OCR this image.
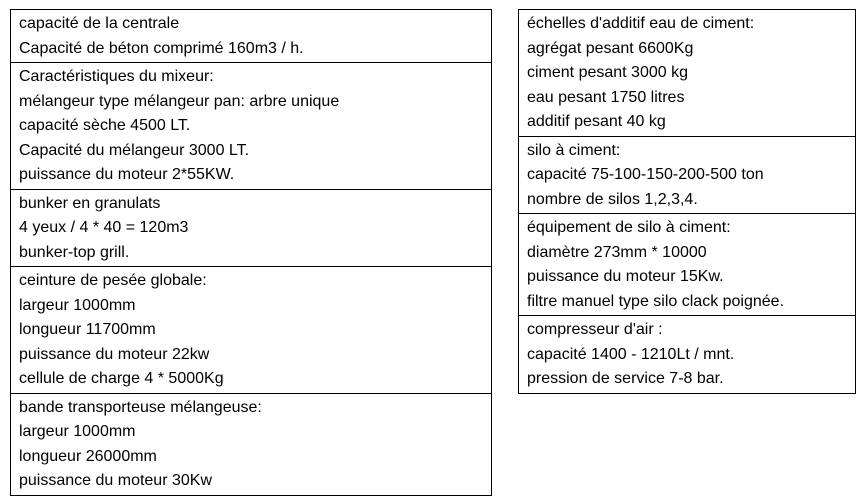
capacité de la centrale
Capacité de béton comprimé 160m3 / h.
Caractéristiques du mixeur:
mélangeur type mélangeur pan: arbre unique
capacité sèche 4500 LT.
Capacité du mélangeur 3000 LT.
puissance du moteur 2*55KW.
bunker en granulats
4 yeux / 4 * 40 = 120m3
bunker-top grill.
ceinture de pesée globale:
largeur 1000mm
longueur 11700mm
puissance du moteur 22kw
cellule de charge 4 * 5000Kg
bande transporteuse mélangeuse:
largeur 1000mm
longueur 26000mm
puissance du moteur 30Kw
échelles d'additif eau de ciment:
agrégat pesant 6600Kg
ciment pesant 3000 kg
eau pesant 1750 litres
additif pesant 40 kg
silo à ciment:
capacité 75-100-150-200-500 ton
nombre de silos 1,2,3,4.
équipement de silo à ciment:
diamètre 273mm * 10000
puissance du moteur 15Kw.
filtre manuel type silo clack poignée.
compresseur d'air :
capacité 1400 - 1210Lt / mnt.
pression de service 7-8 bar.
